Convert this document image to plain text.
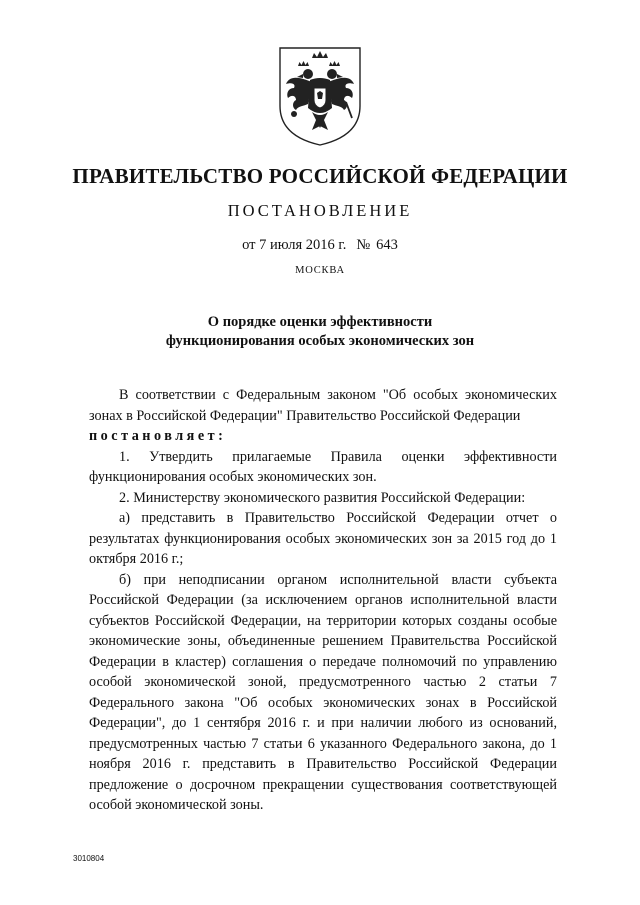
ПРАВИТЕЛЬСТВО РОССИЙСКОЙ ФЕДЕРАЦИИ
ПОСТАНОВЛЕНИЕ
от 7 июля 2016 г. № 643
МОСКВА
О порядке оценки эффективности
функционирования особых экономических зон

В соответствии с Федеральным законом "Об особых экономических зонах в Российской Федерации" Правительство Российской Федерации

постановляет:

1. Утвердить прилагаемые Правила оценки эффективности функционирования особых экономических зон.

2. Министерству экономического развития Российской Федерации:

а) представить в Правительство Российской Федерации отчет о результатах функционирования особых экономических зон за 2015 год до 1 октября 2016 г.;

б) при неподписании органом исполнительной власти субъекта Российской Федерации (за исключением органов исполнительной власти субъектов Российской Федерации, на территории которых созданы особые экономические зоны, объединенные решением Правительства Российской Федерации в кластер) соглашения о передаче полномочий по управлению особой экономической зоной, предусмотренного частью 2 статьи 7 Федерального закона "Об особых экономических зонах в Российской Федерации", до 1 сентября 2016 г. и при наличии любого из оснований, предусмотренных частью 7 статьи 6 указанного Федерального закона, до 1 ноября 2016 г. представить в Правительство Российской Федерации предложение о досрочном прекращении существования соответствующей особой экономической зоны.

3010804
